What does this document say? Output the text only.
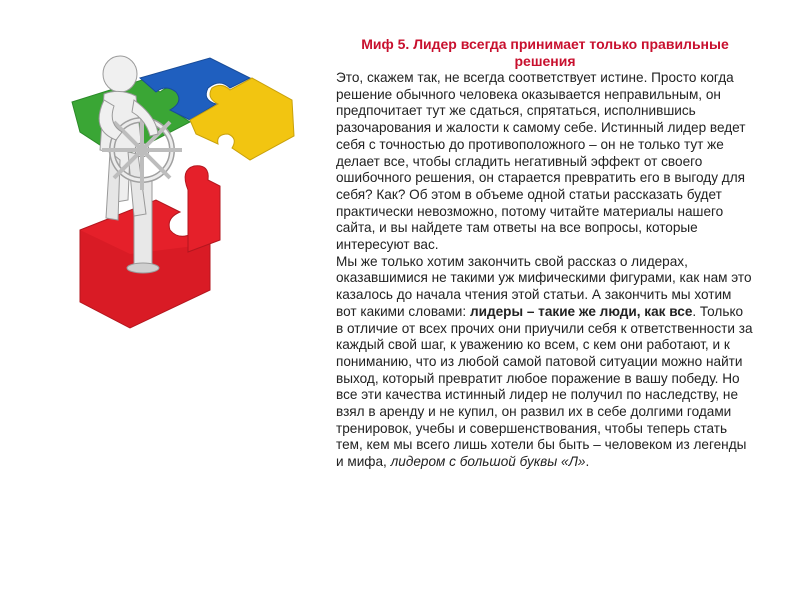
Миф 5. Лидер всегда принимает только правильные решения

Это, скажем так, не всегда соответствует истине. Просто когда решение обычного человека оказывается неправильным, он предпочитает тут же сдаться, спрятаться, исполнившись разочарования и жалости к самому себе. Истинный лидер ведет себя с точностью до противоположного – он не только тут же делает все, чтобы сгладить негативный эффект от своего ошибочного решения, он старается превратить его в выгоду для себя? Как? Об этом в объеме одной статьи рассказать будет практически невозможно, потому читайте материалы нашего сайта, и вы найдете там ответы на все вопросы, которые интересуют вас.

Мы же только хотим закончить свой рассказ о лидерах, оказавшимися не такими уж мифическими фигурами, как нам это казалось до начала чтения этой статьи. А закончить мы хотим вот какими словами: лидеры – такие же люди, как все. Только в отличие от всех прочих они приучили себя к ответственности за каждый свой шаг, к уважению ко всем, с кем они работают, и к пониманию, что из любой самой патовой ситуации можно найти выход, который превратит любое поражение в вашу победу. Но все эти качества истинный лидер не получил по наследству, не взял в аренду и не купил, он развил их в себе долгими годами тренировок, учебы и совершенствования, чтобы теперь стать тем, кем мы всего лишь хотели бы быть – человеком из легенды и мифа, лидером с большой буквы «Л».
